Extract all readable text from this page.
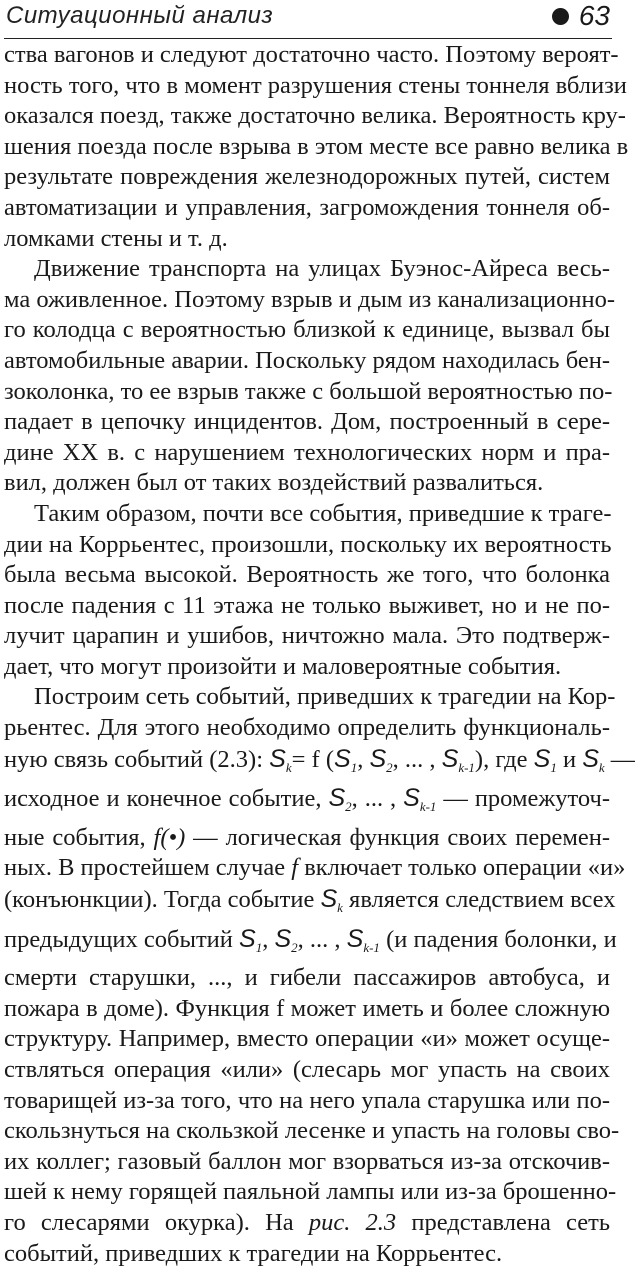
Ситуационный анализ	63
ства вагонов и следуют достаточно часто. Поэтому вероят-
ность того, что в момент разрушения стены тоннеля вблизи
оказался поезд, также достаточно велика. Вероятность кру-
шения поезда после взрыва в этом месте все равно велика в
результате повреждения железнодорожных путей, систем
автоматизации и управления, загромождения тоннеля об-
ломками стены и т. д.
Движение транспорта на улицах Буэнос-Айреса весь-
ма оживленное. Поэтому взрыв и дым из канализационно-
го колодца с вероятностью близкой к единице, вызвал бы
автомобильные аварии. Поскольку рядом находилась бен-
зоколонка, то ее взрыв также с большой вероятностью по-
падает в цепочку инцидентов. Дом, построенный в сере-
дине XX в. с нарушением технологических норм и пра-
вил, должен был от таких воздействий развалиться.
Таким образом, почти все события, приведшие к траге-
дии на Коррьентес, произошли, поскольку их вероятность
была весьма высокой. Вероятность же того, что болонка
после падения с 11 этажа не только выживет, но и не по-
лучит царапин и ушибов, ничтожно мала. Это подтверж-
дает, что могут произойти и маловероятные события.
Построим сеть событий, приведших к трагедии на Кор-
рьентес. Для этого необходимо определить функциональ-
ную связь событий (2.3): $S_k= f$ ($S_1$, $S_2$, ... , $S_{k-1}$), где $S_1$ и $S_k$ —
исходное и конечное событие, $S_2$, ... , $S_{k-1}$ — промежуточ-
ные события, f(•) — логическая функция своих перемен-
ных. В простейшем случае f включает только операции «и»
(конъюнкции). Тогда событие $S_k$ является следствием всех
предыдущих событий $S_1$, $S_2$, ... , $S_{k-1}$ (и падения болонки, и
смерти старушки, ..., и гибели пассажиров автобуса, и
пожара в доме). Функция f может иметь и более сложную
структуру. Например, вместо операции «и» может осуще-
ствляться операция «или» (слесарь мог упасть на своих
товарищей из-за того, что на него упала старушка или по-
скользнуться на скользкой лесенке и упасть на головы сво-
их коллег; газовый баллон мог взорваться из-за отскочив-
шей к нему горящей паяльной лампы или из-за брошенно-
го слесарями окурка). На рис. 2.3 представлена сеть
событий, приведших к трагедии на Коррьентес.
